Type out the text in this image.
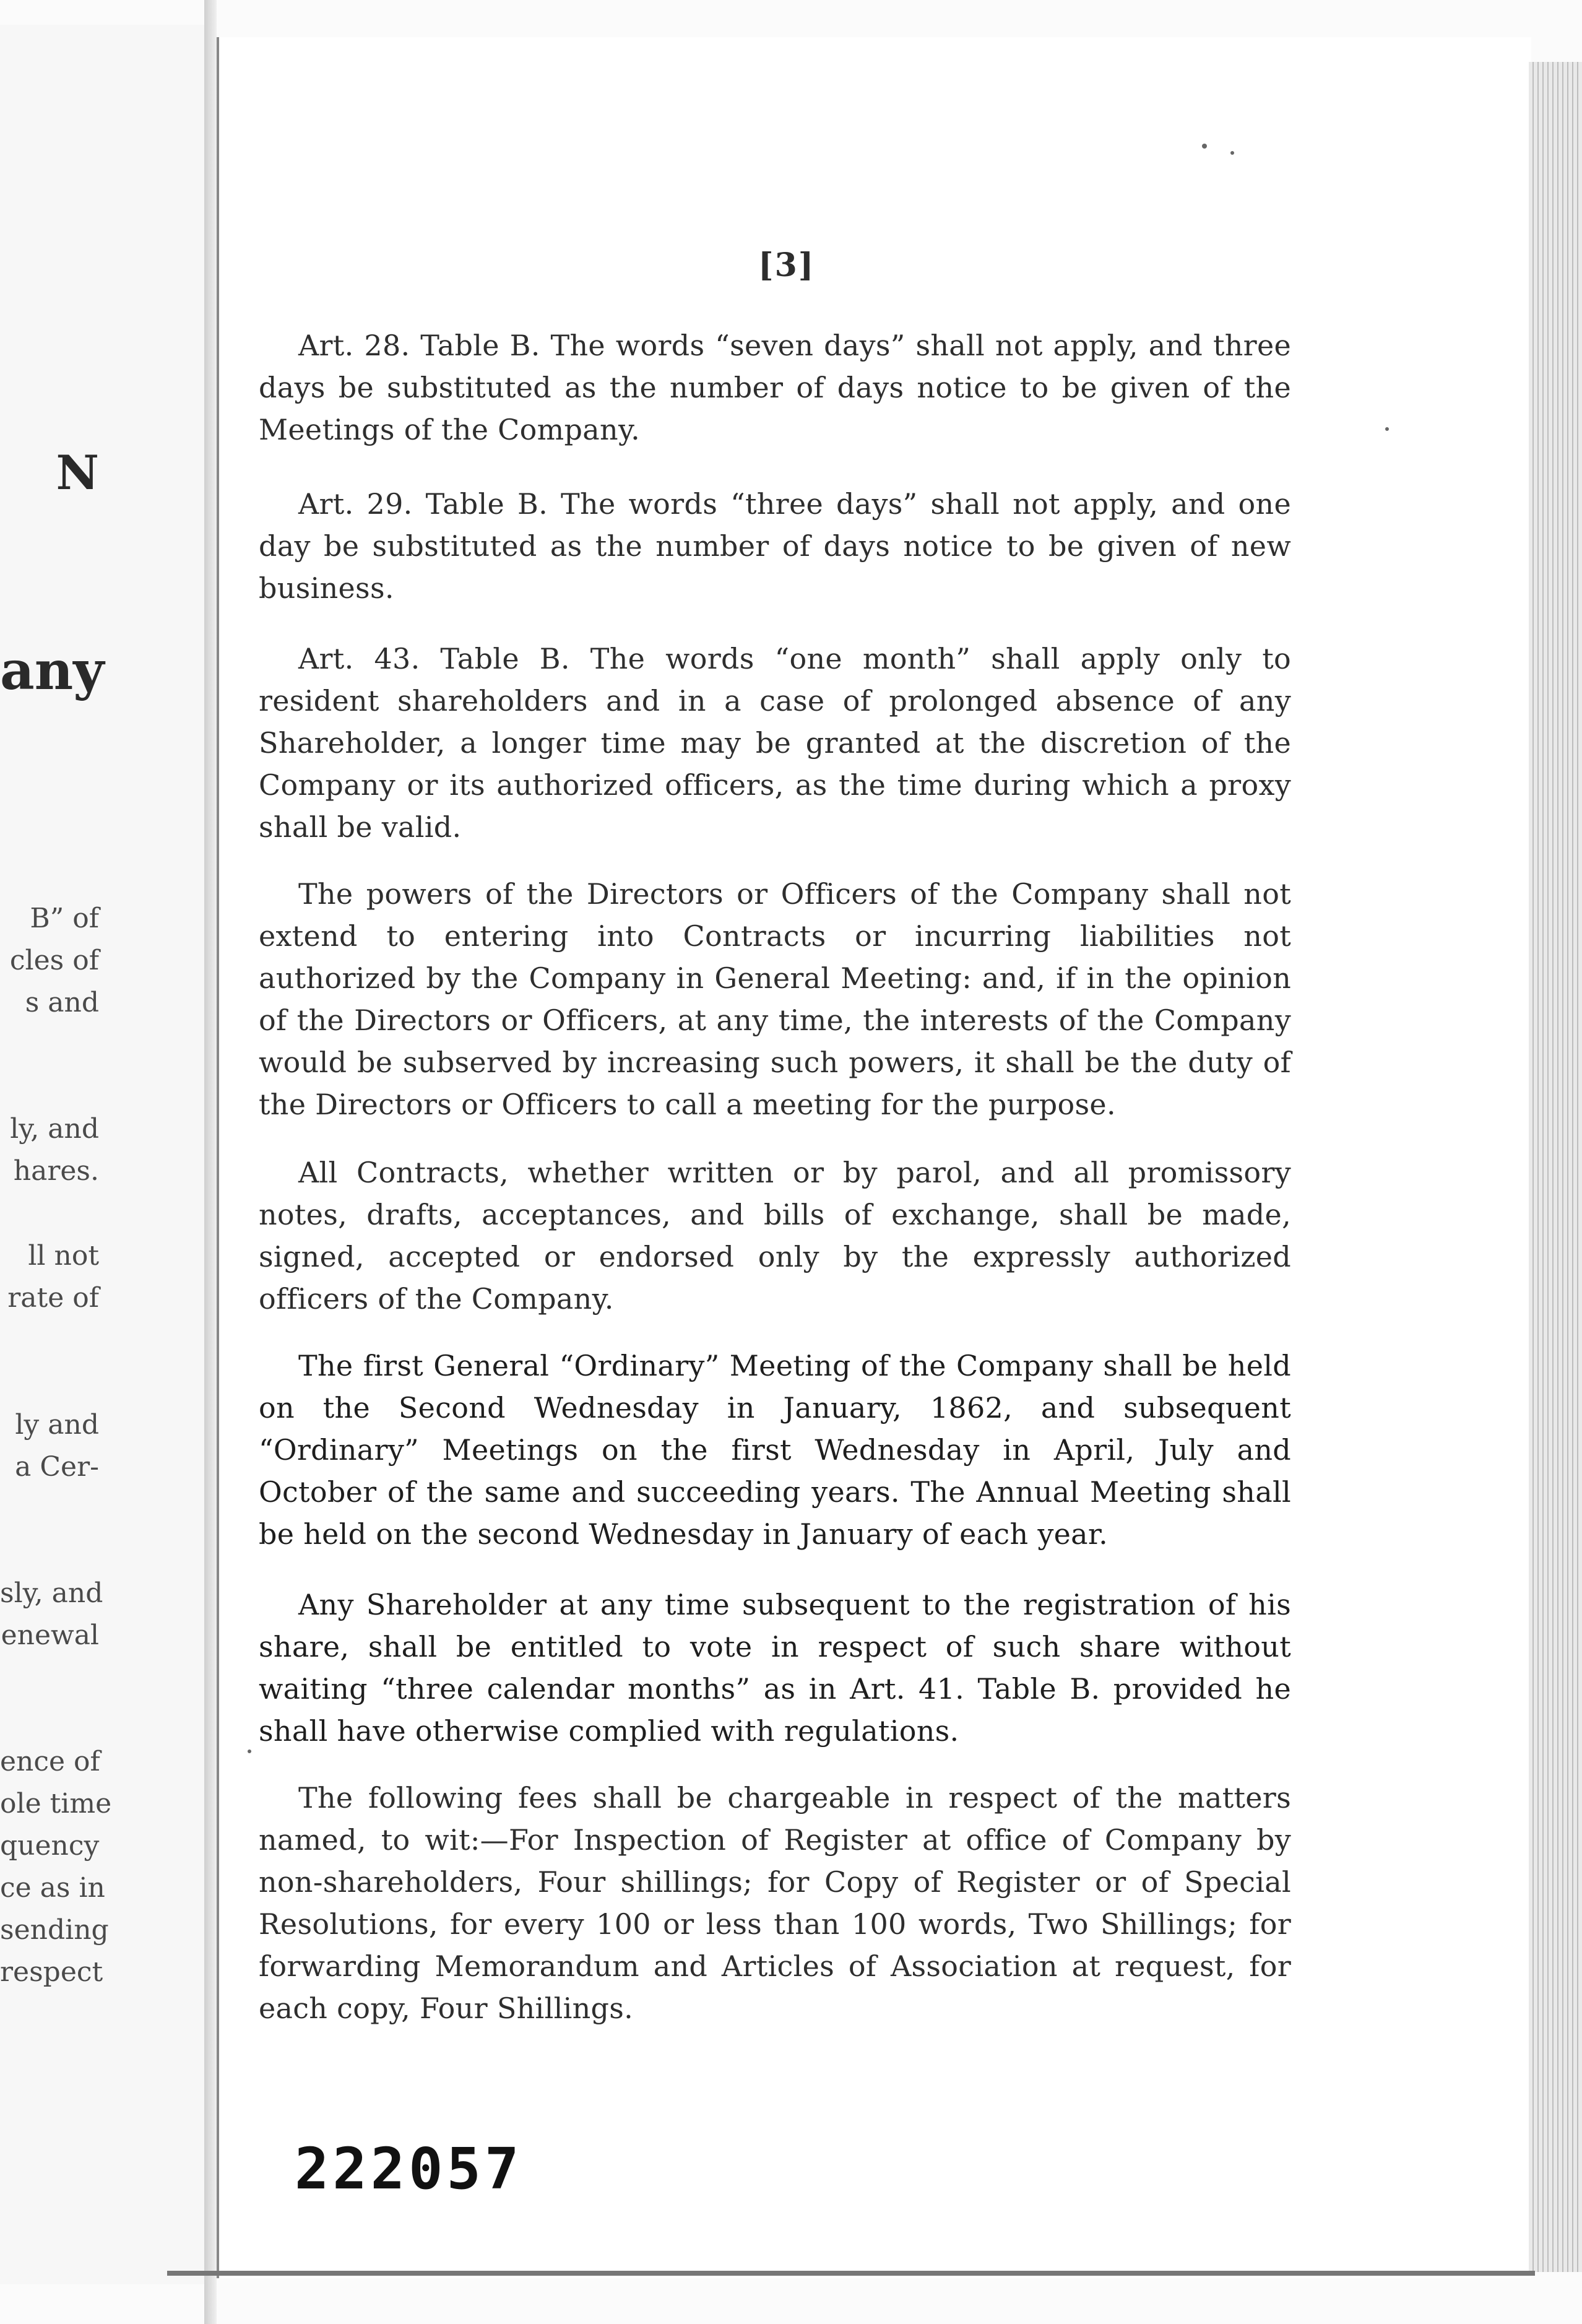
N
any
B” of
cles of
s and
ly, and
hares.
ll not
rate of
ly and
a Cer-
sly, and
enewal
ence of
ole time
quency
ce as in
sending
respect
[3]

Art. 28. Table B. The words “seven days” shall not apply, and three days be substituted as the number of days notice to be given of the Meetings of the Company.

Art. 29. Table B. The words “three days” shall not apply, and one day be substituted as the number of days notice to be given of new business.

Art. 43. Table B. The words “one month” shall apply only to resident shareholders and in a case of prolonged absence of any Shareholder, a longer time may be granted at the discretion of the Company or its authorized officers, as the time during which a proxy shall be valid.

The powers of the Directors or Officers of the Company shall not extend to entering into Contracts or incurring liabilities not authorized by the Company in General Meeting: and, if in the opinion of the Directors or Officers, at any time, the interests of the Company would be subserved by increasing such powers, it shall be the duty of the Directors or Officers to call a meeting for the purpose.

All Contracts, whether written or by parol, and all promissory notes, drafts, acceptances, and bills of exchange, shall be made, signed, accepted or endorsed only by the expressly authorized officers of the Company.

The first General “Ordinary” Meeting of the Company shall be held on the Second Wednesday in January, 1862, and subsequent “Ordinary” Meetings on the first Wednesday in April, July and October of the same and succeeding years. The Annual Meeting shall be held on the second Wednesday in January of each year.

Any Shareholder at any time subsequent to the registration of his share, shall be entitled to vote in respect of such share without waiting “three calendar months” as in Art. 41. Table B. provided he shall have otherwise complied with regulations.

The following fees shall be chargeable in respect of the matters named, to wit:—For Inspection of Register at office of Company by non-shareholders, Four shillings; for Copy of Register or of Special Resolutions, for every 100 or less than 100 words, Two Shillings; for forwarding Memorandum and Articles of Association at request, for each copy, Four Shillings.

222057
